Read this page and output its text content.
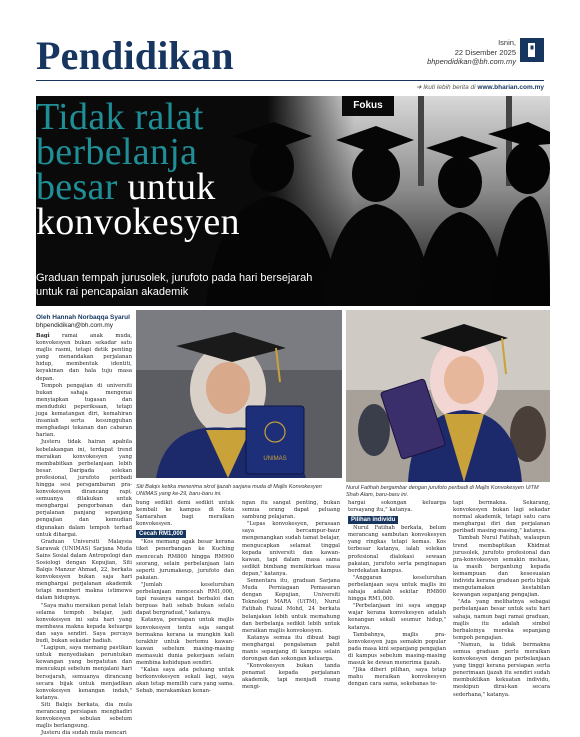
Pendidikan	Isnin,
22 Disember 2025
bhpendidikan@bh.com.my
➜ Ikuti lebih berita di www.bharian.com.my
Fokus
Tidak ralat
berbelanja
besar untuk
konvokesyen
Graduan tempah jurusolek, jurufoto pada hari bersejarah untuk rai pencapaian akademik
Oleh Hannah Norbaqqa Syarul
bhpendidikan@bh.com.my

Bagi ramai anak muda, konvokesyen bukan sekadar satu majlis rasmi, tetapi detik penting yang menandakan perjalanan hidup, membentuk identiti, keyakinan dan hala tuju masa depan.

Tempoh pengajian di universiti bukan sahaja mengenai menyiapkan tugasan dan menduduki peperiksaan, tetapi juga kematangan diri, kemahiran insaniah serta kesungguhan menghadapi tekanan dan cabaran harian.

Justeru tidak hairan apabila kebelakangan ini, terdapat trend meraikan konvokesyen yang membabitkan perbelanjaan lebih besar. Daripada solekan profesional, jurufoto peribadi hingga sesi persgambaran pra-konvokesyen dirancang rapi, semuanya dilakukan untuk menghargai pengorbanan dan perjalanan panjang sepanjang pengajian dan kemudian digunakan dalam tempoh terhad untuk dihargai.

Graduan Universiti Malaysia Sarawak (UNIMAS) Sarjana Muda Sains Sosial dalam Antropologi dan Sosiologi dengan Kepujian, Siti Balqis Manzur Ahmad, 22, berkata konvokesyen bukan saja hari menghargai perjalanan akademik tetapi memberi makna istimewa dalam hidupnya.

"Saya mahu meraikan penat lelah selama tempoh belajar, jadi konvokesyen ini satu hari yang membawa makna kepada keluarga dan saya sendiri. Saya percaya budi, bukan sekadar hadiah.

"Lagipun, saya memang pastikan untuk menyediakan peruntukan kewangan yang berpatutan dan mencukupi sebelum menjalani hari bersejarah, semuanya dirancang secara bijak untuk menjadikan konvokesyen kenangan indah," katanya.

Siti Balqis berkata, dia mula merancang persiapan menghadiri konvokesyen sebulan sebelum majlis berlangsung.

Justeru dia sudah mula mencari

UNIMAS
Siti Balqis ketika menerima skrol ijazah sarjana muda di Majlis Konvokesyen UNIMAS yang ke-29, baru-baru ini.
Nurul Fatihah bergambar dengan jurufoto peribadi di Majlis Konvokesyen UiTM Shah Alam, baru-baru ini.

bung sedikit demi sedikit untuk kembali ke kampus di Kota Samarahan bagi meraikan konvokesyen.

Cecah RM1,000

"Kos memang agak besar kerana tiket penerbangan ke Kuching mencecah RM800 hingga RM900 seorang, selain perbelanjaan lain seperti jurumakeup, jurufoto dan pakaian.

"Jumlah keseluruhan perbelanjaan mencecah RM1,000, tapi rasanya sangat berbaloi dan berpuas hati sebab bukan selalu dapat bergraduat," katanya.

Katanya, persiapan untuk majlis konvokesyen tentu saja sangat bermakna kerana ia mungkin kali terakhir untuk bertemu kawan-kawan sebelum masing-masing memasuki dunia pekerjaan selain membina kehidupan sendiri.

"Kalau saya ada peluang untuk berkonvokesyen sekali lagi, saya akan tetap memilih cara yang sama. Sebab, merakamkan kenan-

ngan itu sangat penting, bukan semua orang dapat peluang sambung pelajaran.

"Lepas konvokesyen, perasaan saya bercampur-baur mengenangkan sudah tamat belajar, mengucapkan selamat tinggal kepada universiti dan kawan-kawan, tapi dalam masa sama sedikit bimbang memikirkan masa depan," katanya.

Sementara itu, graduan Sarjana Muda Perniagaan Pemasaran dengan Kepujian, Universiti Teknologi MARA (UiTM), Nurul Fatihah Faizal Mohd, 24 berkata belanjakan lebih untuk memahung dan berbelanja sedikit lebih untuk meraikan majlis konvokesyen.

Katanya semua itu dibuat bagi menghargai pengalaman pahit manis sepanjang di kampus selain dorongan dan sokongan keluarga.

"Konvokesyen bukan tanda penamat kepada perjalanan akademik, tapi menjadi ruang mengi-

hargai sokongan keluarga tersayang itu," katanya.

Pilihan individu

Nurul Fatihah berkata, belum merancang sambutan konvokesyen yang ringkas tetapi kemas. Kos terbesar katanya, ialah solekan profesional dialokasi sewaan pakaian, jurufoto serta penginapan berdekatan kampus.

"Anggaran keseluruhan perbelanjaan saya untuk majlis ini sahaja adalah sekitar RM800 hingga RM1,000.

"Perbelanjaan ini saya anggap wajar kerana konvokesyen adalah kenangan sekali seumur hidup," katanya.

Tambahnya, majlis pra-konvokesyen juga semakin popular pada masa kini sepanjang pengajian di kampus sebelum masing-masing masuk ke dewan menerima ijazah.

"Jika diberi pilihan, saya tetap mahu meraikan konvokesyen dengan cara sama, sekebanas te-

tapi bermakna. Sekarang, konvokesyen bukan lagi sekadar normal akademik, tetapi satu cara menghargai diri dan perjalanan peribadi masing-masing," katanya.

Tambah Nurul Fatihah, walaupun trend membaptikan Khidmat jurusolek, jurufoto profesional dan pra-konvokesyen semakin meluas, ia masih bergantung kepada kemampuan dan kesesuaian individu kerana graduan perlu bijak mengutamakan kestabilan kewangan sepanjang pengajian.

"Ada yang melihatnya sebagai perbelanjaan besar untuk satu hari sahaja, namun bagi ramai graduan, majlis itu adalah simbol berbaloinya mereka sepanjang tempoh pengajian.

"Namun, ia tidak bermakna semua graduan perlu meraikan konvokesyen dengan perbelanjaan yang tinggi kerana persiapan serta penerimaan ijazah itu sendiri sudah membuktikan kekuatan individu, meskipun dirai-kan secara sederhana," katanya.
